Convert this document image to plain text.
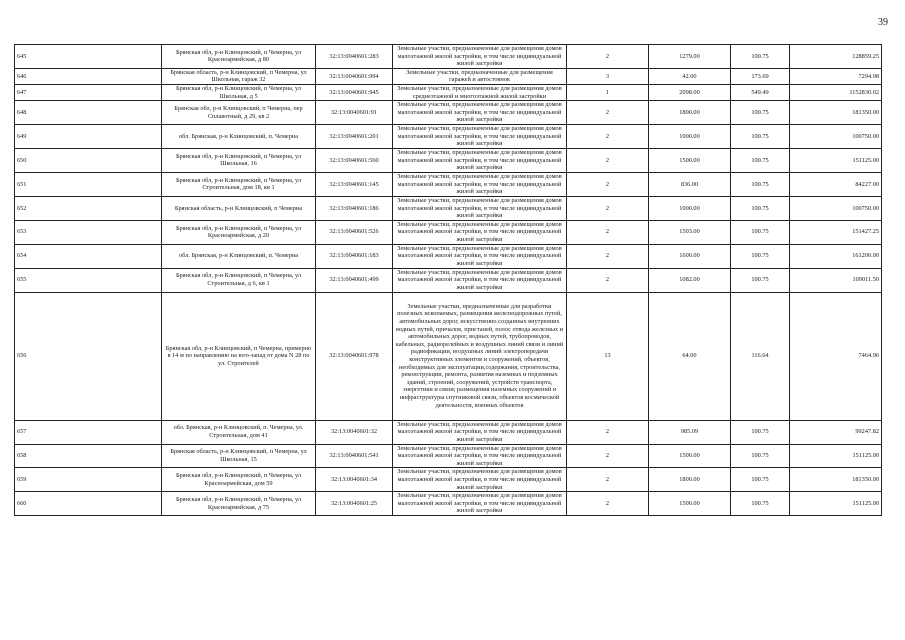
39
645	Брянская обл, р-н Клинцовский, п Чемерна, ул Красноармейская, д 80	32:13:0040601:283	Земельные участки, предназначенные для размещения домов малоэтажной жилой застройки, в том числе индивидуальной жилой застройки	2	1279.00	100.75	128859.25
646	Брянская область, р-н Клинцовский, п Чемерна, ул Школьная, гараж 32	32:13:0040601:994	Земельные участки, предназначенные для размещения гаражей и автостоянок	3	42.00	173.69	7294.98
647	Брянская обл, р-н Клинцовский, п Чемерна, ул Школьная, д 5	32:13:0040601:945	Земельные участки, предназначенные для размещения домов среднеэтажной и многоэтажной жилой застройки	1	2098.00	549.49	1152830.02
648	Брянская обл, р-н Клинцовский, п Чемерна, пер Сплавотный, д 29, кв 2	32:13:0040601:91	Земельные участки, предназначенные для размещения домов малоэтажной жилой застройки, в том числе индивидуальной жилой застройки	2	1800.00	100.75	181350.00
649	обл. Брянская, р-н Клинцовский, п. Чемерна	32:13:0040601:201	Земельные участки, предназначенные для размещения домов малоэтажной жилой застройки, в том числе индивидуальной жилой застройки	2	1000.00	100.75	100750.00
650	Брянская обл, р-н Клинцовский, п Чемерна, ул Школьная, 16	32:13:0040601:560	Земельные участки, предназначенные для размещения домов малоэтажной жилой застройки, в том числе индивидуальной жилой застройки	2	1500.00	100.75	151125.00
651	Брянская обл, р-н Клинцовский, п Чемерна, ул Строительная, дом 18, кв 1	32:13:0040601:145	Земельные участки, предназначенные для размещения домов малоэтажной жилой застройки, в том числе индивидуальной жилой застройки	2	836.00	100.75	84227.00
652	Брянская область, р-н Клинцовский, п Чемерна	32:13:0040601:186	Земельные участки, предназначенные для размещения домов малоэтажной жилой застройки, в том числе индивидуальной жилой застройки	2	1000.00	100.75	100750.00
653	Брянская обл, р-н Клинцовский, п Чемерна, ул Красноармейская, д 20	32:13:0040601:526	Земельные участки, предназначенные для размещения домов малоэтажной жилой застройки, в том числе индивидуальной жилой застройки	2	1503.00	100.75	151427.25
654	обл. Брянская, р-н Клинцовский, п. Чемерна	32:13:0040601:183	Земельные участки, предназначенные для размещения домов малоэтажной жилой застройки, в том числе индивидуальной жилой застройки	2	1600.00	100.75	161200.00
655	Брянская обл, р-н Клинцовский, п Чемерна, ул Строительная, д 6, кв 1	32:13:0040601:499	Земельные участки, предназначенные для размещения домов малоэтажной жилой застройки, в том числе индивидуальной жилой застройки	2	1082.00	100.75	109011.50
656	Брянская обл, р-н Клинцовский, п Чемерна, примерно в 14 м по направлению на юго-запад от дома N 28 по ул. Строителей	32:13:0040601:978	Земельные участки, предназначенные для разработки полезных ископаемых, размещения железнодорожных путей, автомобильных дорог, искусственно созданных внутренних водных путей, причалов, пристаней, полос отвода железных и автомобильных дорог, водных путей, трубопроводов, кабельных, радиорелейных и воздушных линий связи и линий радиофикации, воздушных линий электропередачи конструктивных элементов и сооружений, объектов, необходимых для эксплуатации,содержания, строительства, реконструкции, ремонта, развития наземных и подземных зданий, строений, сооружений, устройств транспорта, энергетики и связи; размещения наземных сооружений и инфраструктуры спутниковой связи, объектов космической деятельности, военных объектов	13	64.00	116.64	7464.96
657	обл. Брянская, р-н Клинцовский, п. Чемерна, ул. Строительная, дом 41	32:13:0040601:32	Земельные участки, предназначенные для размещения домов малоэтажной жилой застройки, в том числе индивидуальной жилой застройки	2	985.09	100.75	99247.82
658	Брянская область, р-н Клинцовский, п Чемерна, ул Школьная, 15	32:13:0040601:541	Земельные участки, предназначенные для размещения домов малоэтажной жилой застройки, в том числе индивидуальной жилой застройки	2	1500.00	100.75	151125.00
659	Брянская обл, р-н Клинцовский, п Чемерна, ул Красноармейская, дом 59	32:13:0040601:34	Земельные участки, предназначенные для размещения домов малоэтажной жилой застройки, в том числе индивидуальной жилой застройки	2	1800.00	100.75	181350.00
660	Брянская обл, р-н Клинцовский, п Чемерна, ул Красноармейская, д 75	32:13:0040601:25	Земельные участки, предназначенные для размещения домов малоэтажной жилой застройки, в том числе индивидуальной жилой застройки	2	1500.00	100.75	151125.00
